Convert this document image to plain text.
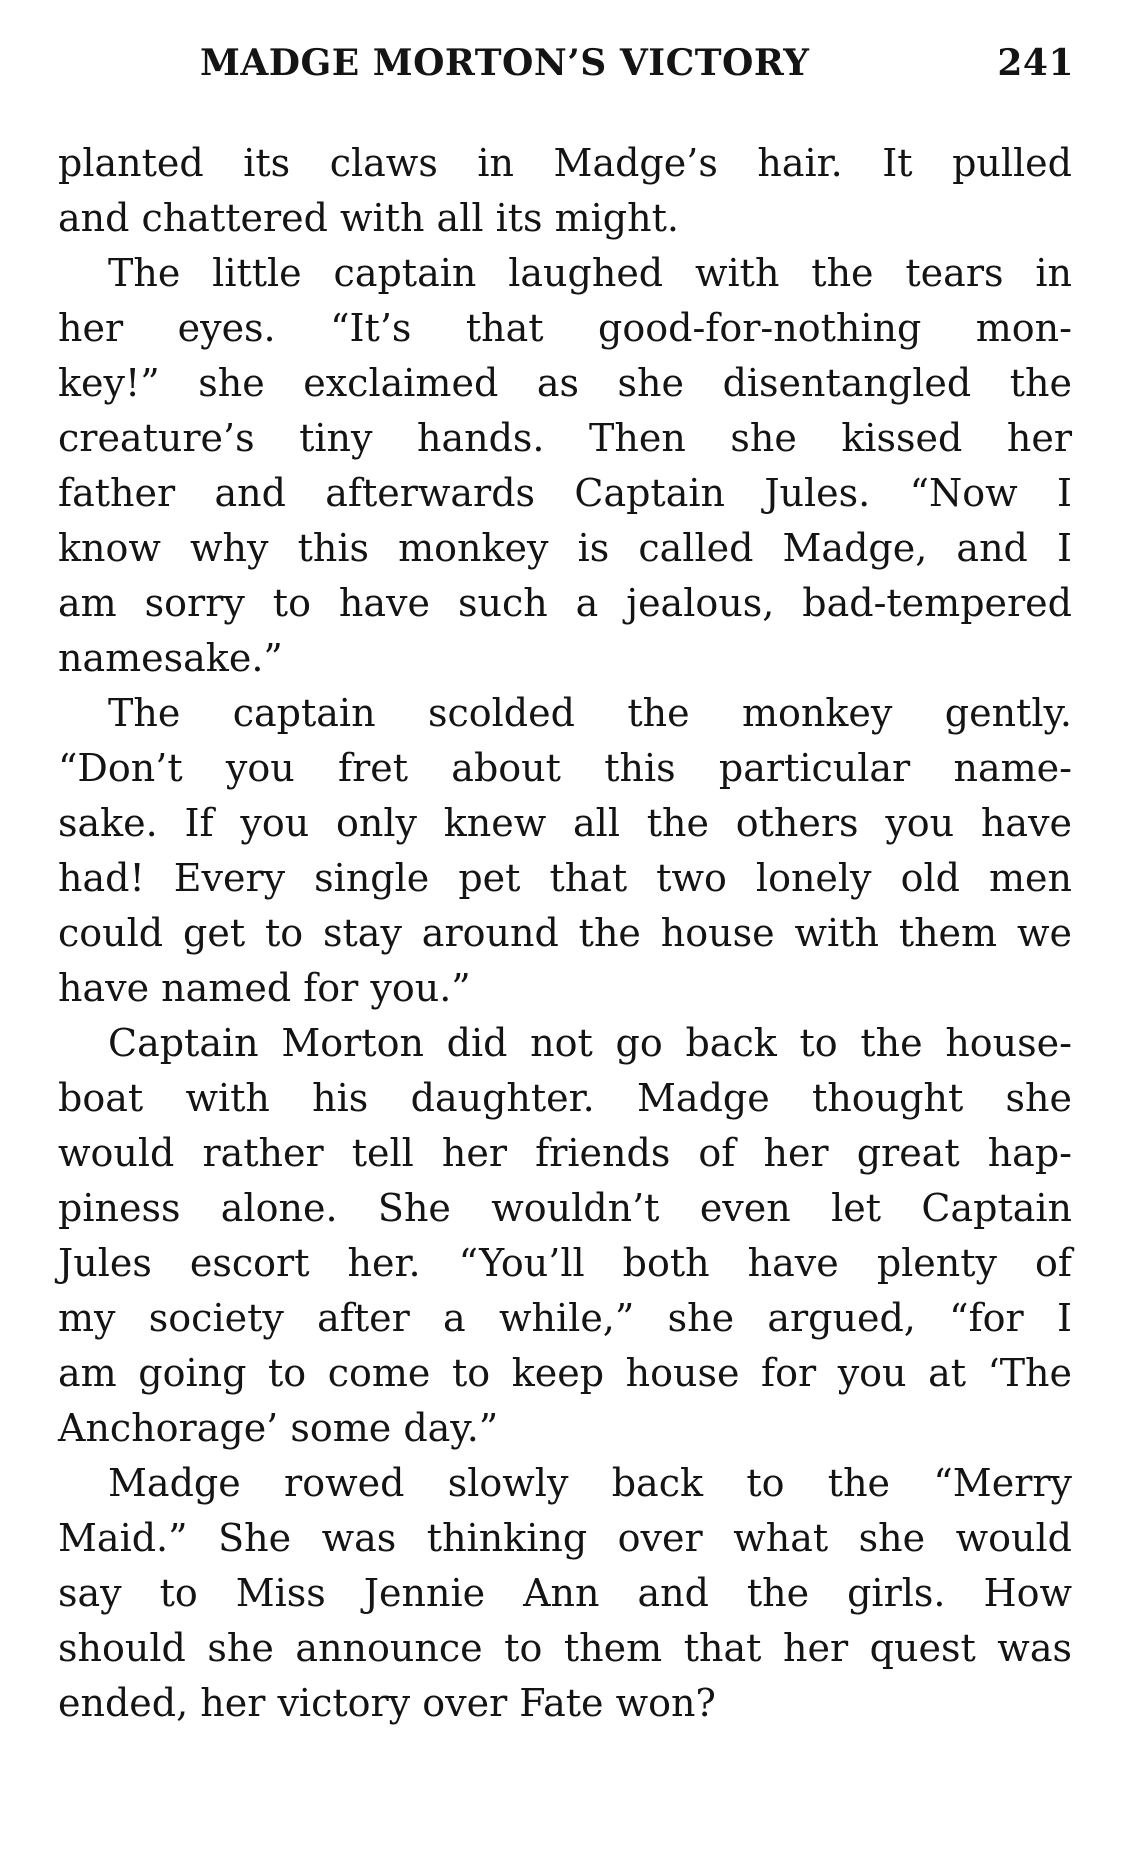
MADGE MORTON’S VICTORY	241
planted its claws in Madge’s hair. It pulled
and chattered with all its might.
The little captain laughed with the tears in
her eyes. “It’s that good-for-nothing mon-
key!” she exclaimed as she disentangled the
creature’s tiny hands. Then she kissed her
father and afterwards Captain Jules. “Now I
know why this monkey is called Madge, and I
am sorry to have such a jealous, bad-tempered
namesake.”
The captain scolded the monkey gently.
“Don’t you fret about this particular name-
sake. If you only knew all the others you have
had! Every single pet that two lonely old men
could get to stay around the house with them we
have named for you.”
Captain Morton did not go back to the house-
boat with his daughter. Madge thought she
would rather tell her friends of her great hap-
piness alone. She wouldn’t even let Captain
Jules escort her. “You’ll both have plenty of
my society after a while,” she argued, “for I
am going to come to keep house for you at ‘The
Anchorage’ some day.”
Madge rowed slowly back to the “Merry
Maid.” She was thinking over what she would
say to Miss Jennie Ann and the girls. How
should she announce to them that her quest was
ended, her victory over Fate won?
